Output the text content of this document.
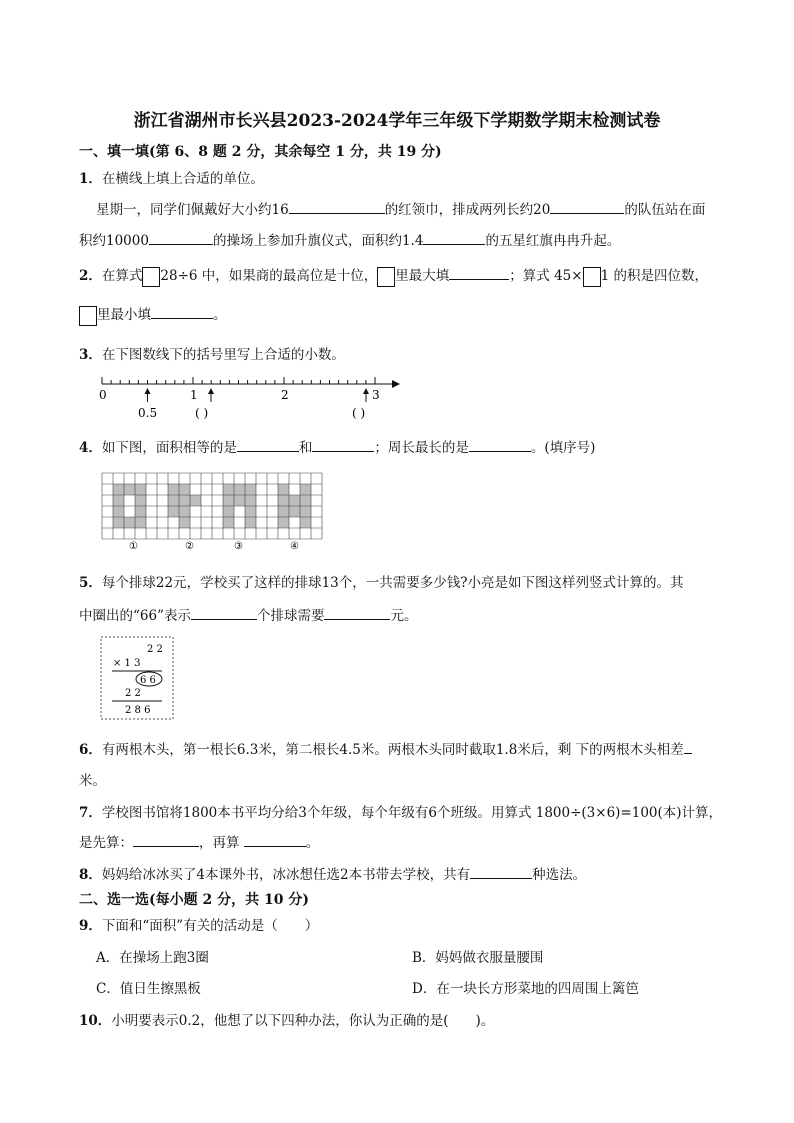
浙江省湖州市长兴县2023-2024学年三年级下学期数学期末检测试卷
一、填一填(第 6、8 题 2 分，其余每空 1 分，共 19 分)
1．在横线上填上合适的单位。
星期一，同学们佩戴好大小约16	的红领巾，排成两列长约20	的队伍站在面
积约10000	的操场上参加升旗仪式，面积约1.4	的五星红旗冉冉升起。
2．在算式 28÷6 中，如果商的最高位是十位， 里最大填	；算式 45× 1 的积是四位数，
里最小填	。
3．在下图数线下的括号里写上合适的小数。
0	1	2	3
0.5	( )	( )
4．如下图，面积相等的是	和	；周长最长的是	。(填序号)
①	②	③	④
5．每个排球22元，学校买了这样的排球13个，一共需要多少钱?小亮是如下图这样列竖式计算的。其
中圈出的“66”表示	个排球需要	元。
2 2
× 1 3
6 6
2 2
2 8 6
6．有两根木头，第一根长6.3米，第二根长4.5米。两根木头同时截取1.8米后，剩 下的两根木头相差
米。
7．学校图书馆将1800本书平均分给3个年级，每个年级有6个班级。用算式 1800÷(3×6)=100(本)计算，
是先算：	，再算	。
8．妈妈给冰冰买了4本课外书，冰冰想任选2本书带去学校，共有	种选法。
二、选一选(每小题 2 分，共 10 分)
9．下面和“面积”有关的活动是（　　）
A．在操场上跑3圈	B．妈妈做衣服量腰围
C．值日生擦黑板	D．在一块长方形菜地的四周围上篱笆
10．小明要表示0.2，他想了以下四种办法，你认为正确的是(　　)。
